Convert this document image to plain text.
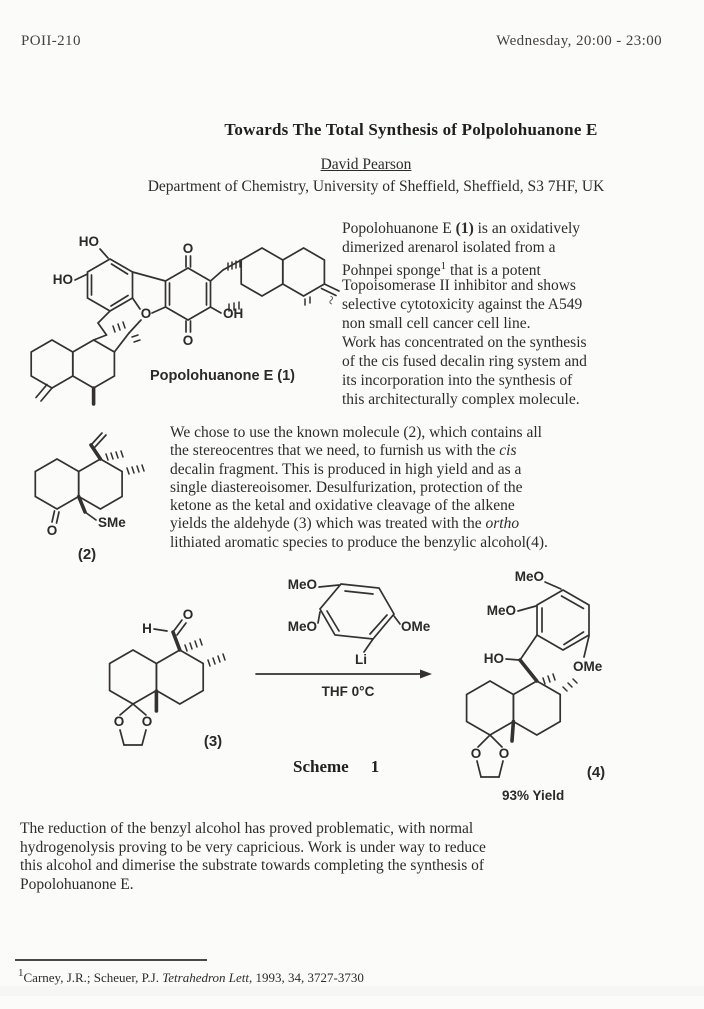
POII-210	Wednesday, 20:00 - 23:00
Towards The Total Synthesis of Polpolohuanone E
David Pearson
Department of Chemistry, University of Sheffield, Sheffield, S3 7HF, UK
HO
HO
O
O
O
OH
Popolohuanone E (1)
Popolohuanone E (1) is an oxidatively
dimerized arenarol isolated from a
Pohnpei sponge$^1$ that is a potent
Topoisomerase II inhibitor and shows
selective cytotoxicity against the A549
non small cell cancer cell line.
Work has concentrated on the synthesis
of the cis fused decalin ring system and
its incorporation into the synthesis of
this architecturally complex molecule.
~
O
SMe
(2)
We chose to use the known molecule (2), which contains all
the stereocentres that we need, to furnish us with the cis
decalin fragment. This is produced in high yield and as a
single diastereoisomer. Desulfurization, protection of the
ketone as the ketal and oxidative cleavage of the alkene
yields the aldehyde (3) which was treated with the ortho
lithiated aromatic species to produce the benzylic alcohol(4).
H
O
O O
(3)
MeO
MeO	OMe
Li
THF 0°C
MeO
MeO
HO
OMe
O O
(4)
93% Yield
Scheme 1
The reduction of the benzyl alcohol has proved problematic, with normal
hydrogenolysis proving to be very capricious. Work is under way to reduce
this alcohol and dimerise the substrate towards completing the synthesis of
Popolohuanone E.
$^1$Carney, J.R.; Scheuer, P.J. Tetrahedron Lett, 1993, 34, 3727-3730
